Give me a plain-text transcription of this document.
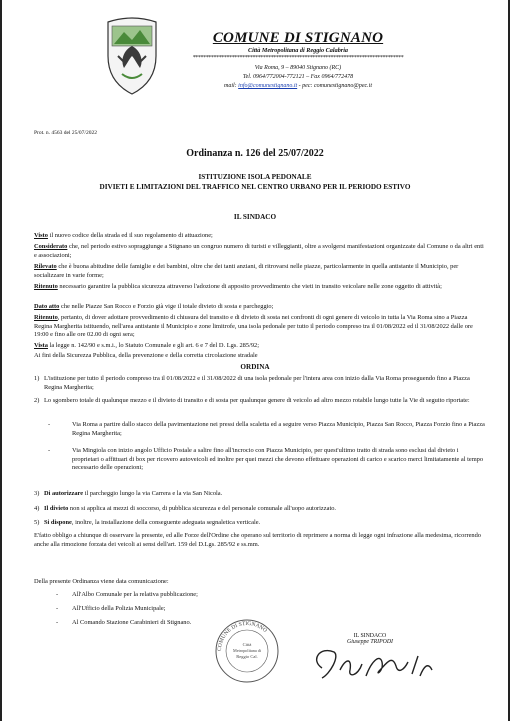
COMUNE DI STIGNANO
Città Metropolitana di Reggio Calabria
*********************************************************************************
Via Roma, 9 – 89040 Stignano (RC)
Tel. 0964/772004-772121 – Fax 0964/772478
mail: info@comunestignano.it - pec: comunestignano@pec.it
Prot. n. 4563 del 25/07/2022
Ordinanza n. 126 del 25/07/2022
ISTITUZIONE ISOLA PEDONALE
DIVIETI E LIMITAZIONI DEL TRAFFICO NEL CENTRO URBANO PER IL PERIODO ESTIVO
IL SINDACO
Visto il nuovo codice della strada ed il suo regolamento di attuazione;
Considerato che, nel periodo estivo sopraggiunge a Stignano un congruo numero di turisti e villeggianti, oltre a svolgersi manifestazioni organizzate dal Comune o da altri enti e associazioni;
Rilevato che è buona abitudine delle famiglie e dei bambini, oltre che dei tanti anziani, di ritrovarsi nelle piazze, particolarmente in quella antistante il Municipio, per socializzare in varie forme;
Ritenuto necessario garantire la pubblica sicurezza attraverso l'adozione di apposito provvedimento che vieti in transito veicolare nelle zone oggetto di attività;
Dato atto che nelle Piazze San Rocco e Forzio già vige il totale divieto di sosta e parcheggio;
Ritenuto, pertanto, di dover adottare provvedimento di chiusura del transito e di divieto di sosta nei confronti di ogni genere di veicolo in tutta la Via Roma sino a Piazza Regina Margherita istituendo, nell'area antistante il Municipio e zone limitrofe, una isola pedonale per tutto il periodo compreso tra il 01/08/2022 ed il 31/08/2022 dalle ore 19:00 e fino alle ore 02.00 di ogni sera;
Vista la legge n. 142/90 e s.m.i., lo Statuto Comunale e gli art. 6 e 7 del D. Lgs. 285/92;
Ai fini della Sicurezza Pubblica, della prevenzione e della corretta circolazione stradale
ORDINA
1) L'istituzione per tutto il periodo compreso tra il 01/08/2022 e il 31/08/2022 di una isola pedonale per l'intera area con inizio dalla Via Roma proseguendo fino a Piazza Regina Margherita;
2) Lo sgombero totale di qualunque mezzo e il divieto di transito e di sosta per qualunque genere di veicolo ad altro mezzo rotabile lungo tutte la Vie di seguito riportate:
-	Via Roma a partire dallo stacco della pavimentazione nei pressi della scaletta ed a seguire verso Piazza Municipio, Piazza San Rocco, Piazza Forzio fino a Piazza Regina Margherita;
-	Via Mingiola con inizio angolo Ufficio Postale a salire fino all'incrocio con Piazza Municipio, per quest'ultimo tratto di strada sono esclusi dal divieto i proprietari o affittuari di box per ricovero autoveicoli ed inoltre per quei mezzi che devono effettuare operazioni di carico e scarico merci limitatamente al tempo necessario delle operazioni;
3) Di autorizzare il parcheggio lungo la via Carrera e la via San Nicola.
4) Il divieto non si applica ai mezzi di soccorso, di pubblica sicurezza e del personale comunale all'uopo autorizzato.
5) Si dispone, inoltre, la installazione della conseguente adeguata segnaletica verticale.
E'fatto obbligo a chiunque di osservare la presente, ed alle Forze dell'Ordine che operano sul territorio di reprimere a norma di legge ogni infrazione alla medesima, ricorrendo anche alla rimozione forzata dei veicoli ai sensi dell'art. 159 del D.Lgs. 285/92 e ss.mm.
Della presente Ordinanza viene data comunicazione:
- All'Albo Comunale per la relativa pubblicazione;
- All'Ufficio della Polizia Municipale;
- Al Comando Stazione Carabinieri di Stignano.
COMUNE DI STIGNANO
Città
Metropolitana di
Reggio Cal.
IL SINDACO
Giuseppe TRIPODI
